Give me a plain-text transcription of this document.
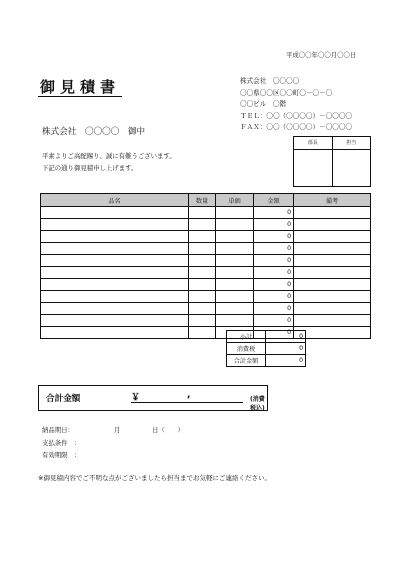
平成〇〇年〇〇月〇〇日
御見積書	株式会社　〇〇〇〇
〇〇県〇〇区〇〇町〇－〇－〇
〇〇ビル　〇階
ＴＥＬ：〇〇（〇〇〇〇）－〇〇〇〇
ＦＡＸ：〇〇（〇〇〇〇）－〇〇〇〇
株式会社　〇〇〇〇　御中
平素よりご高配賜り、誠に有難うございます。
下記の通り御見積申し上げます。
部長	担当
品名	数量	単価	金額	備考
			0	
			0	
			0	
			0	
			0	
			0	
			0	
			0	
			0	
			0	
			0	
小計	0
消費税	0
合計金額	0
合計金額	￥	,	(消費税込)
納品期日：	月	日（　　）
支払条件　：
有効期限　：
※御見積内容でご不明な点がございましたら担当までお気軽にご連絡ください。
